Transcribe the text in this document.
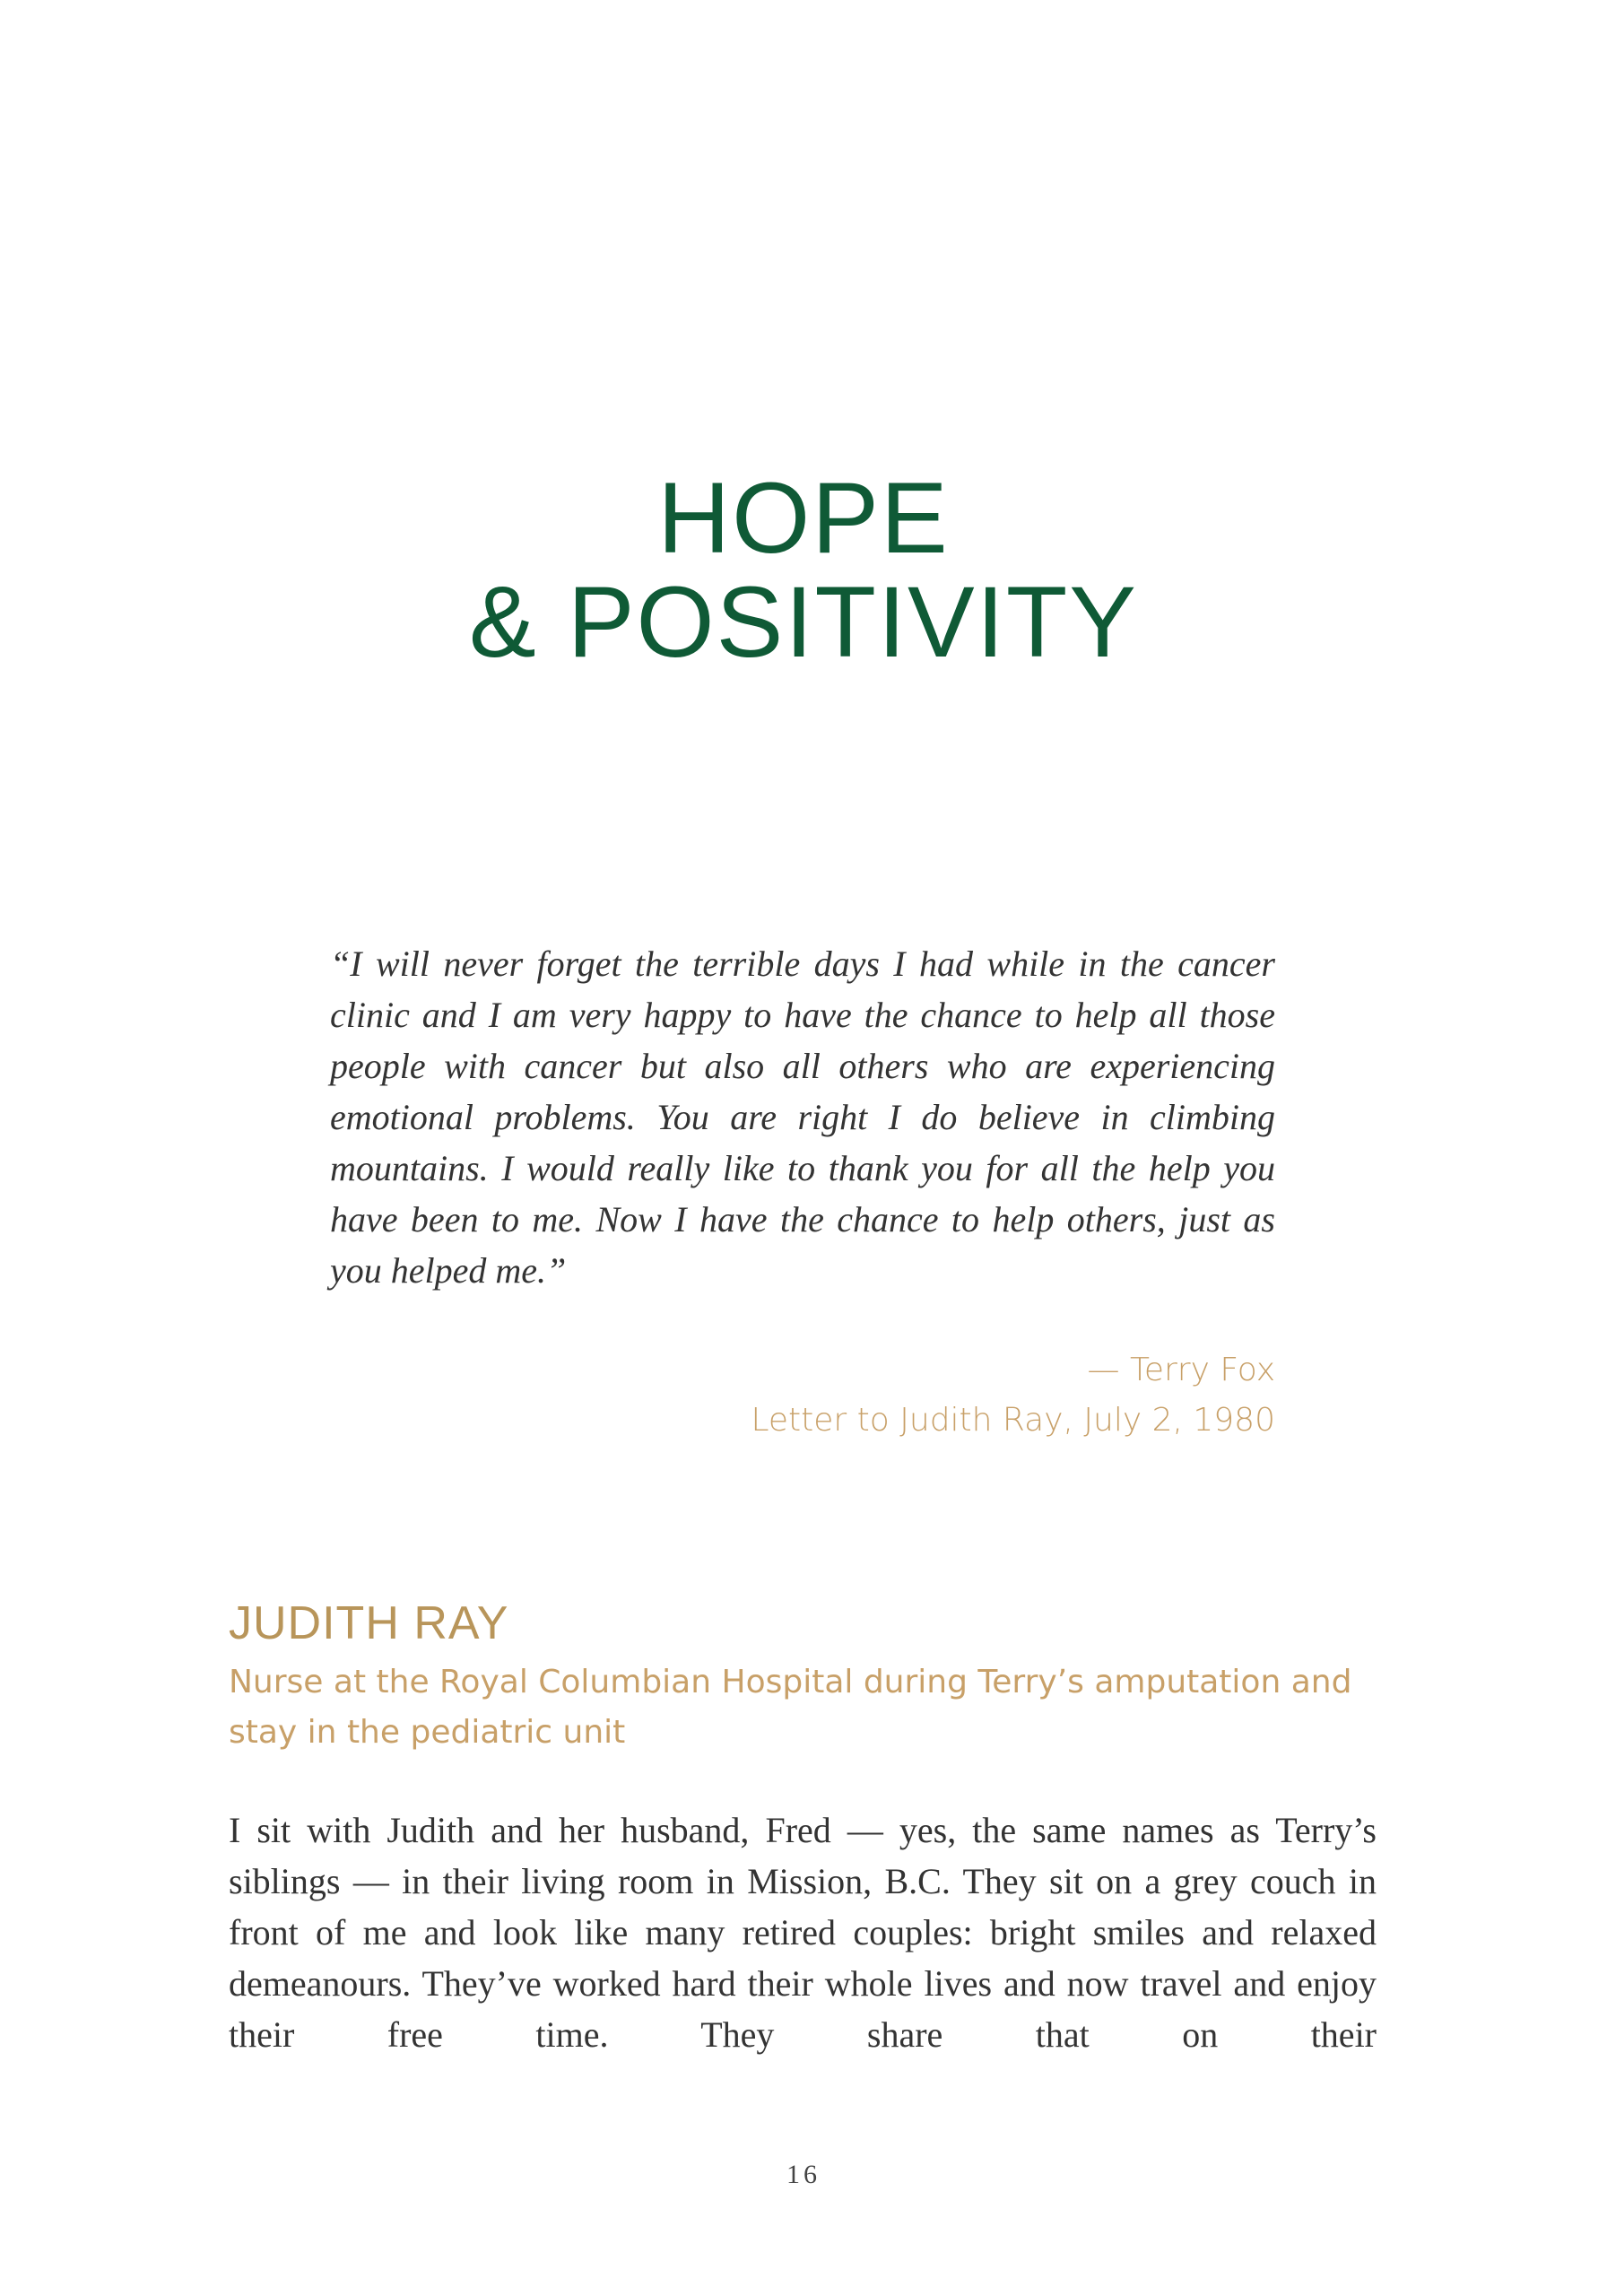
HOPE
& POSITIVITY
“I will never forget the terrible days I had while in the cancer clinic and I am very happy to have the chance to help all those people with cancer but also all others who are experiencing emotional problems. You are right I do believe in climbing mountains. I would really like to thank you for all the help you have been to me. Now I have the chance to help others, just as you helped me.”
— Terry Fox
Letter to Judith Ray, July 2, 1980
JUDITH RAY
Nurse at the Royal Columbian Hospital during Terry’s amputation and stay in the pediatric unit
I sit with Judith and her husband, Fred — yes, the same names as Terry’s siblings — in their living room in Mission, B.C. They sit on a grey couch in front of me and look like many retired couples: bright smiles and relaxed demeanours. They’ve worked hard their whole lives and now travel and enjoy their free time. They share that on their
16
